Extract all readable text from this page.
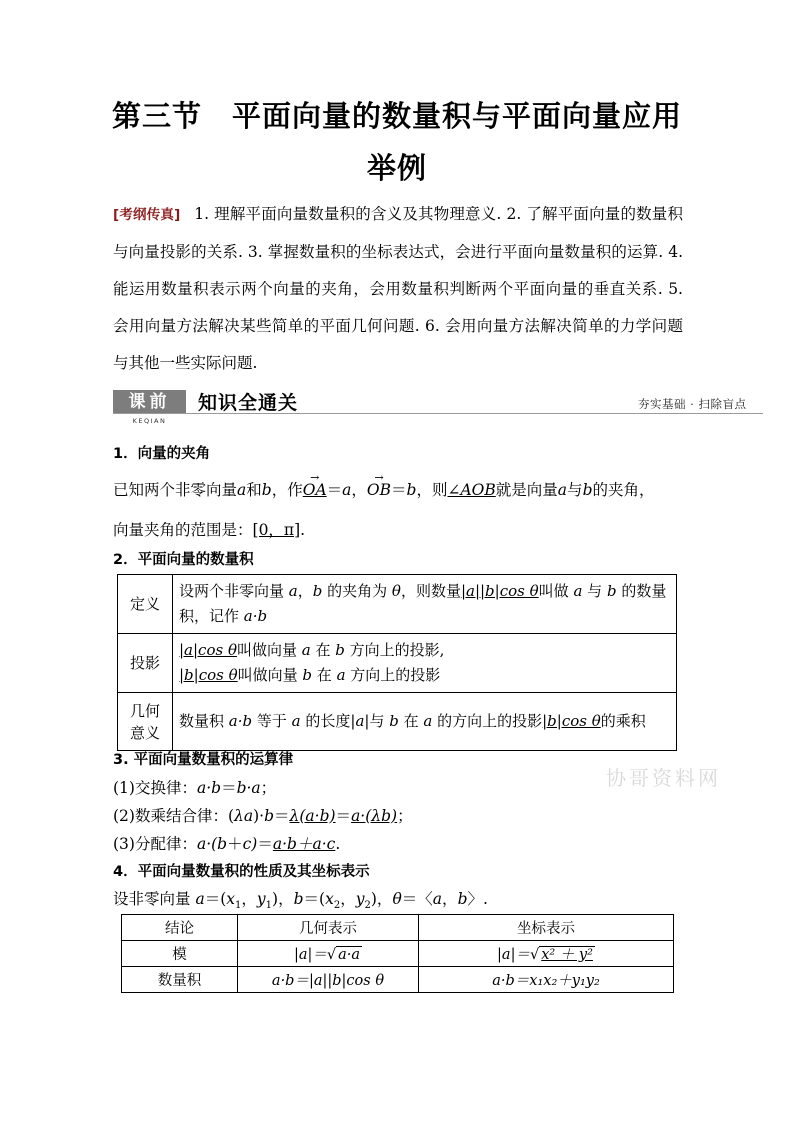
第三节　平面向量的数量积与平面向量应用
举例
[考纲传真] 1. 理解平面向量数量积的含义及其物理意义. 2. 了解平面向量的数量积与向量投影的关系. 3. 掌握数量积的坐标表达式，会进行平面向量数量积的运算. 4. 能运用数量积表示两个向量的夹角，会用数量积判断两个平面向量的垂直关系. 5. 会用向量方法解决某些简单的平面几何问题. 6. 会用向量方法解决简单的力学问题与其他一些实际问题.
课前
KEQIAN
知识全通关	夯实基础 · 扫除盲点
1．向量的夹角
已知两个非零向量a和b，作→ OA＝a，→ OB＝b，则∠AOB就是向量a与b的夹角，
向量夹角的范围是：[0，π].
2．平面向量的数量积
定义	设两个非零向量 a，b 的夹角为 θ，则数量|a||b|cos θ叫做 a 与 b 的数量积，记作 a·b
投影	|a|cos θ叫做向量 a 在 b 方向上的投影,
|b|cos θ叫做向量 b 在 a 方向上的投影
几何意义	数量积 a·b 等于 a 的长度|a|与 b 在 a 的方向上的投影|b|cos θ的乘积
3. 平面向量数量积的运算律
(1)交换律：a·b＝b·a；
(2)数乘结合律：(λa)·b＝λ(a·b)＝a·(λb)；
(3)分配律：a·(b＋c)＝a·b＋a·c.
协哥资料网
4．平面向量数量积的性质及其坐标表示
设非零向量 $a=(x_1$，$y_1$)，$b=(x_2$，$y_2$)，θ＝〈a，b〉.
结论	几何表示	坐标表示
模	|a|＝√ a·a	|a|＝√ x² ＋ y²
数量积	a·b＝|a||b|cos θ	a·b＝x₁x₂＋y₁y₂
